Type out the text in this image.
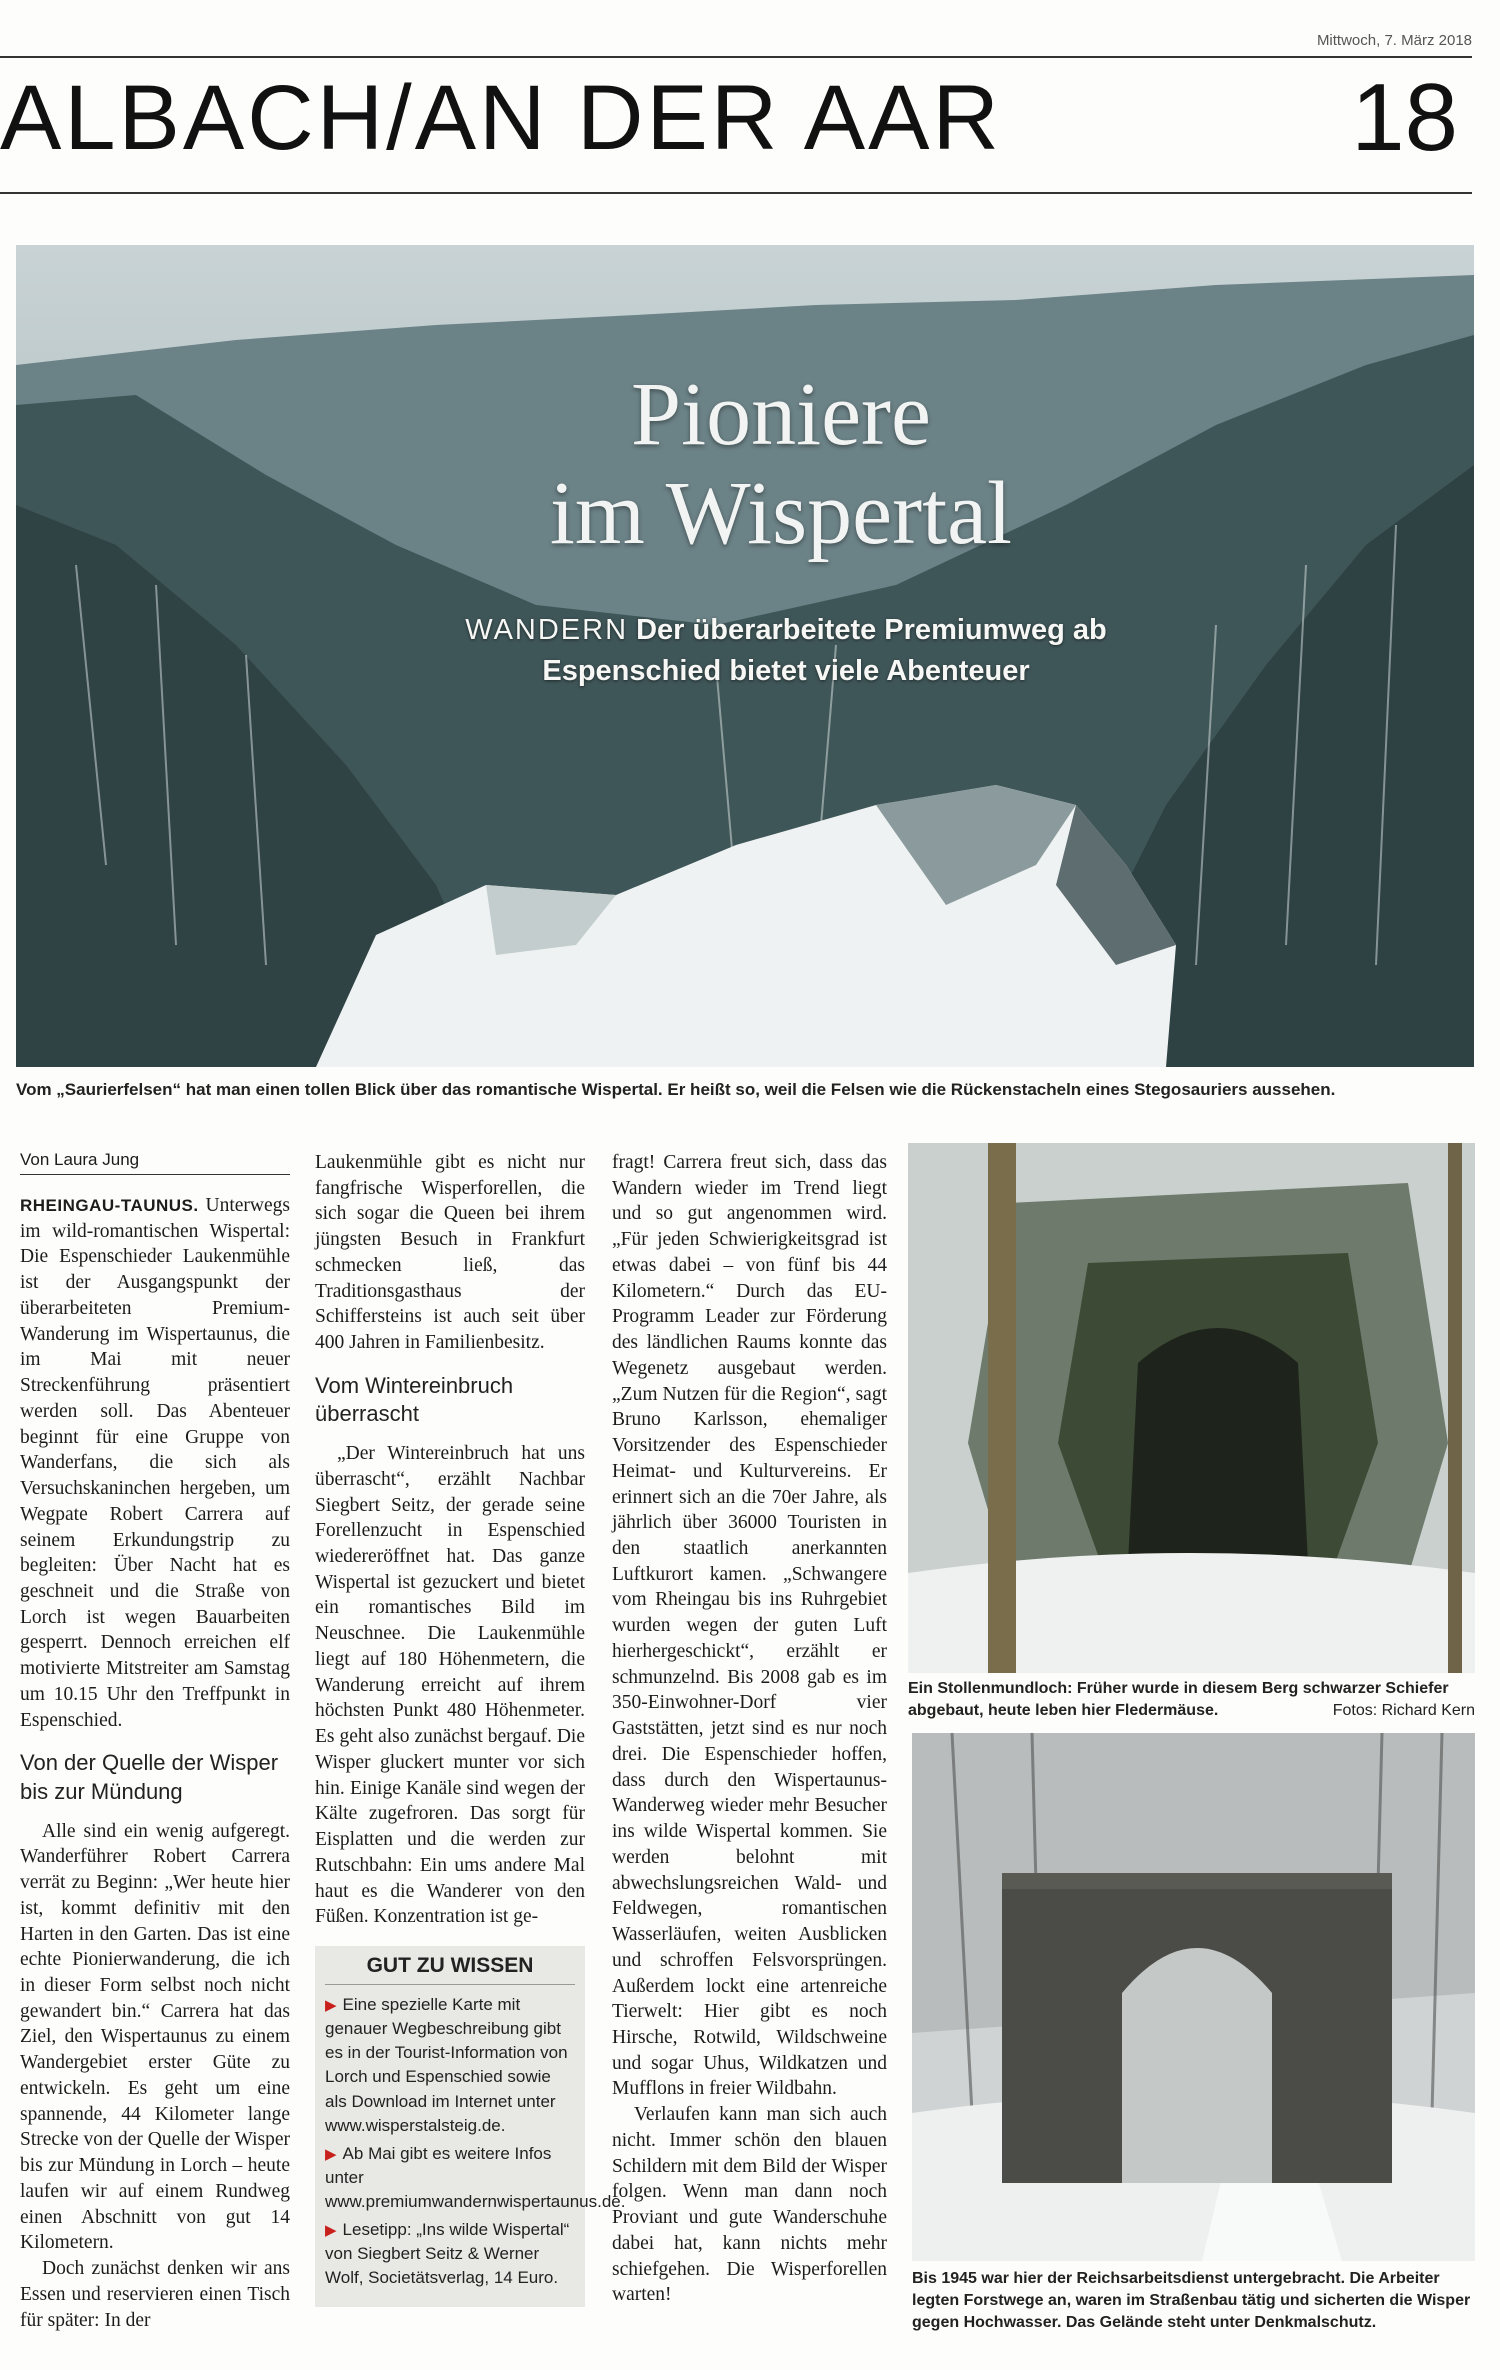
Mittwoch, 7. März 2018
ALBACH/AN DER AAR	18
Pioniere
im Wispertal
WANDERN Der überarbeitete Premiumweg ab
Espenschied bietet viele Abenteuer
Vom „Saurierfelsen“ hat man einen tollen Blick über das romantische Wispertal. Er heißt so, weil die Felsen wie die Rückenstacheln eines Stegosauriers aussehen.
Von Laura Jung

RHEINGAU-TAUNUS. Unterwegs im wild-romantischen Wispertal: Die Espenschieder Laukenmühle ist der Ausgangspunkt der überarbeiteten Premium-Wanderung im Wispertaunus, die im Mai mit neuer Streckenführung präsentiert werden soll. Das Abenteuer beginnt für eine Gruppe von Wanderfans, die sich als Versuchskaninchen hergeben, um Wegpate Robert Carrera auf seinem Erkundungstrip zu begleiten: Über Nacht hat es geschneit und die Straße von Lorch ist wegen Bauarbeiten gesperrt. Dennoch erreichen elf motivierte Mitstreiter am Samstag um 10.15 Uhr den Treffpunkt in Espenschied.

Von der Quelle der Wisper bis zur Mündung

Alle sind ein wenig aufgeregt. Wanderführer Robert Carrera verrät zu Beginn: „Wer heute hier ist, kommt definitiv mit den Harten in den Garten. Das ist eine echte Pionierwanderung, die ich in dieser Form selbst noch nicht gewandert bin.“ Carrera hat das Ziel, den Wispertaunus zu einem Wandergebiet erster Güte zu entwickeln. Es geht um eine spannende, 44 Kilometer lange Strecke von der Quelle der Wisper bis zur Mündung in Lorch – heute laufen wir auf einem Rundweg einen Abschnitt von gut 14 Kilometern.

Doch zunächst denken wir ans Essen und reservieren einen Tisch für später: In der

Laukenmühle gibt es nicht nur fangfrische Wisperforellen, die sich sogar die Queen bei ihrem jüngsten Besuch in Frankfurt schmecken ließ, das Traditionsgasthaus der Schiffersteins ist auch seit über 400 Jahren in Familienbesitz.

Vom Wintereinbruch überrascht

„Der Wintereinbruch hat uns überrascht“, erzählt Nachbar Siegbert Seitz, der gerade seine Forellenzucht in Espenschied wiedereröffnet hat. Das ganze Wispertal ist gezuckert und bietet ein romantisches Bild im Neuschnee. Die Laukenmühle liegt auf 180 Höhenmetern, die Wanderung erreicht auf ihrem höchsten Punkt 480 Höhenmeter. Es geht also zunächst bergauf. Die Wisper gluckert munter vor sich hin. Einige Kanäle sind wegen der Kälte zugefroren. Das sorgt für Eisplatten und die werden zur Rutschbahn: Ein ums andere Mal haut es die Wanderer von den Füßen. Konzentration ist ge-

GUT ZU WISSEN
▶ Eine spezielle Karte mit genauer Wegbeschreibung gibt es in der Tourist-Information von Lorch und Espenschied sowie als Download im Internet unter www.wisperstalsteig.de.
▶ Ab Mai gibt es weitere Infos unter www.premiumwandernwispertaunus.de.
▶ Lesetipp: „Ins wilde Wispertal“ von Siegbert Seitz & Werner Wolf, Societätsverlag, 14 Euro.

fragt! Carrera freut sich, dass das Wandern wieder im Trend liegt und so gut angenommen wird. „Für jeden Schwierigkeitsgrad ist etwas dabei – von fünf bis 44 Kilometern.“ Durch das EU-Programm Leader zur Förderung des ländlichen Raums konnte das Wegenetz ausgebaut werden. „Zum Nutzen für die Region“, sagt Bruno Karlsson, ehemaliger Vorsitzender des Espenschieder Heimat- und Kulturvereins. Er erinnert sich an die 70er Jahre, als jährlich über 36000 Touristen in den staatlich anerkannten Luftkurort kamen. „Schwangere vom Rheingau bis ins Ruhrgebiet wurden wegen der guten Luft hierhergeschickt“, erzählt er schmunzelnd. Bis 2008 gab es im 350-Einwohner-Dorf vier Gaststätten, jetzt sind es nur noch drei. Die Espenschieder hoffen, dass durch den Wispertaunus-Wanderweg wieder mehr Besucher ins wilde Wispertal kommen. Sie werden belohnt mit abwechslungsreichen Wald- und Feldwegen, romantischen Wasserläufen, weiten Ausblicken und schroffen Felsvorsprüngen. Außerdem lockt eine artenreiche Tierwelt: Hier gibt es noch Hirsche, Rotwild, Wildschweine und sogar Uhus, Wildkatzen und Mufflons in freier Wildbahn.

Verlaufen kann man sich auch nicht. Immer schön den blauen Schildern mit dem Bild der Wisper folgen. Wenn man dann noch Proviant und gute Wanderschuhe dabei hat, kann nichts mehr schiefgehen. Die Wisperforellen warten!

Ein Stollenmundloch: Früher wurde in diesem Berg schwarzer Schiefer abgebaut, heute leben hier Fledermäuse.	Fotos: Richard Kern
Bis 1945 war hier der Reichsarbeitsdienst untergebracht. Die Arbeiter legten Forstwege an, waren im Straßenbau tätig und sicherten die Wisper gegen Hochwasser. Das Gelände steht unter Denkmalschutz.
